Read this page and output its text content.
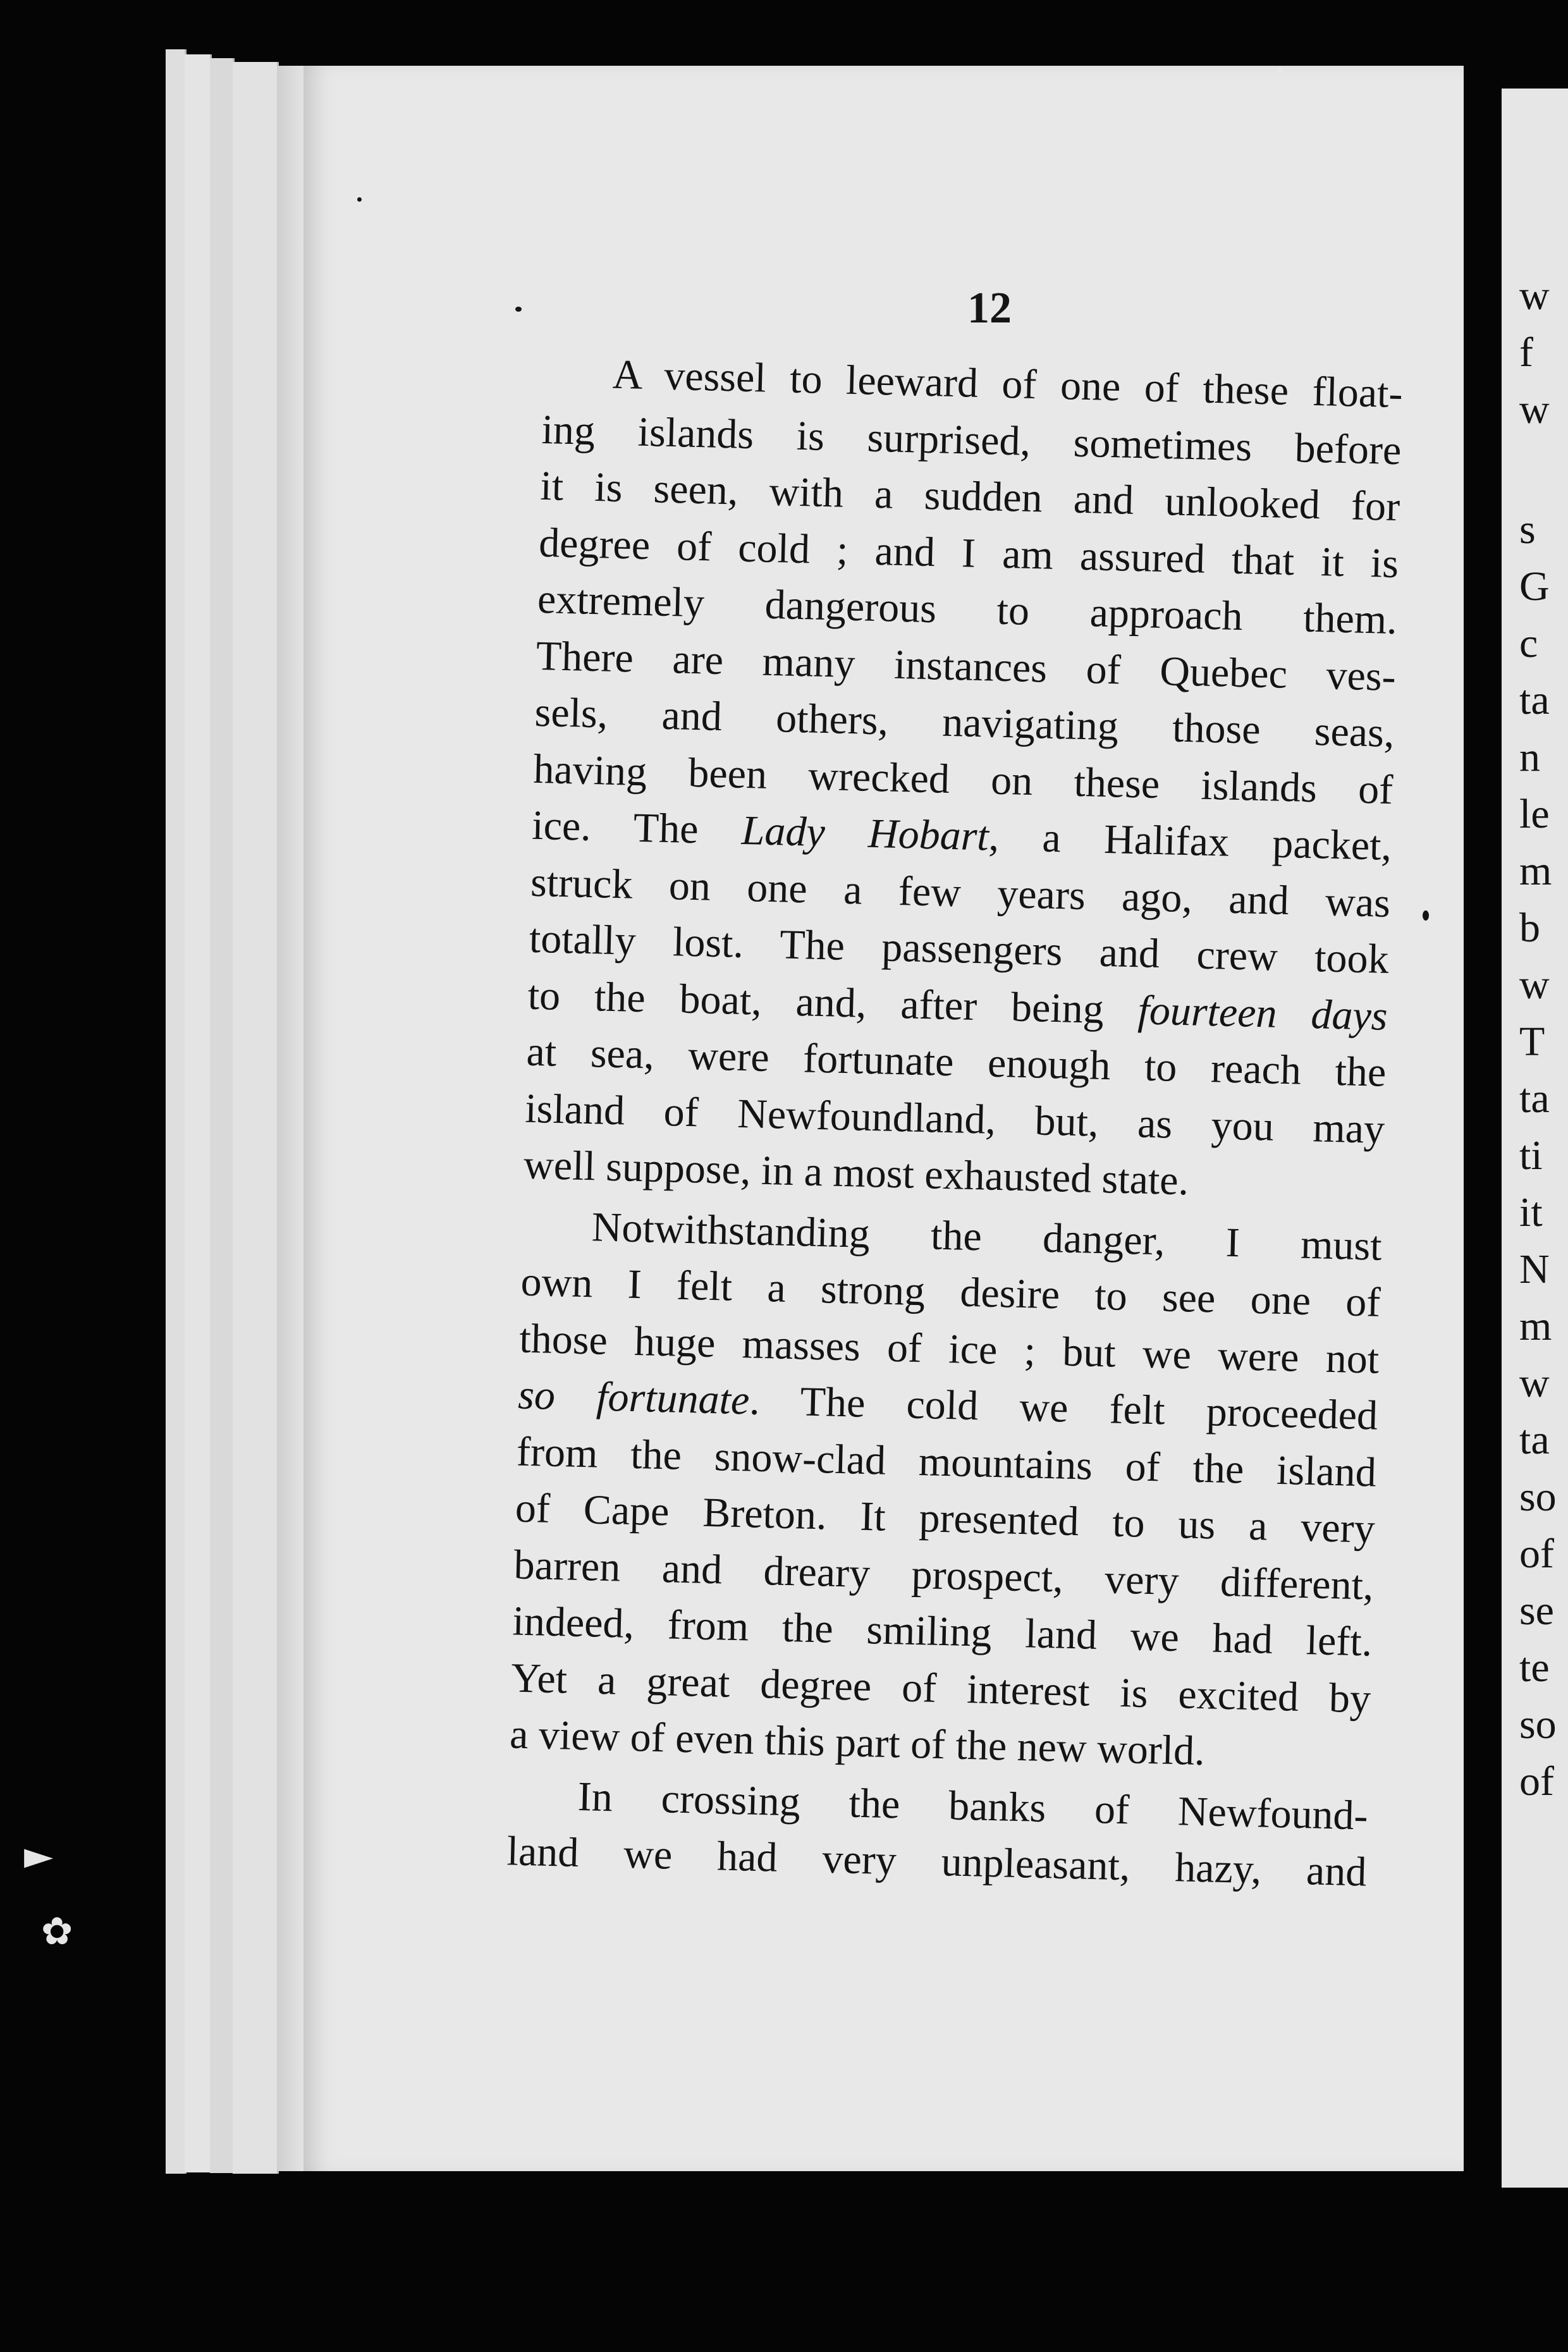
w
f
w
s
G
c
ta
n
le
m
b
w
T
ta
ti
it
N
m
w
ta
so
of
se
te
so
of
12
A vessel to leeward of one of these float-
ing islands is surprised, sometimes before
it is seen, with a sudden and unlooked for
degree of cold ; and I am assured that it is
extremely dangerous to approach them.
There are many instances of Quebec ves-
sels, and others, navigating those seas,
having been wrecked on these islands of
ice. The Lady Hobart, a Halifax packet,
struck on one a few years ago, and was
totally lost. The passengers and crew took
to the boat, and, after being fourteen days
at sea, were fortunate enough to reach the
island of Newfoundland, but, as you may
well suppose, in a most exhausted state.
Notwithstanding the danger, I must
own I felt a strong desire to see one of
those huge masses of ice ; but we were not
so fortunate. The cold we felt proceeded
from the snow-clad mountains of the island
of Cape Breton. It presented to us a very
barren and dreary prospect, very different,
indeed, from the smiling land we had left.
Yet a great degree of interest is excited by
a view of even this part of the new world.
In crossing the banks of Newfound-
land we had very unpleasant, hazy, and
►
✿
